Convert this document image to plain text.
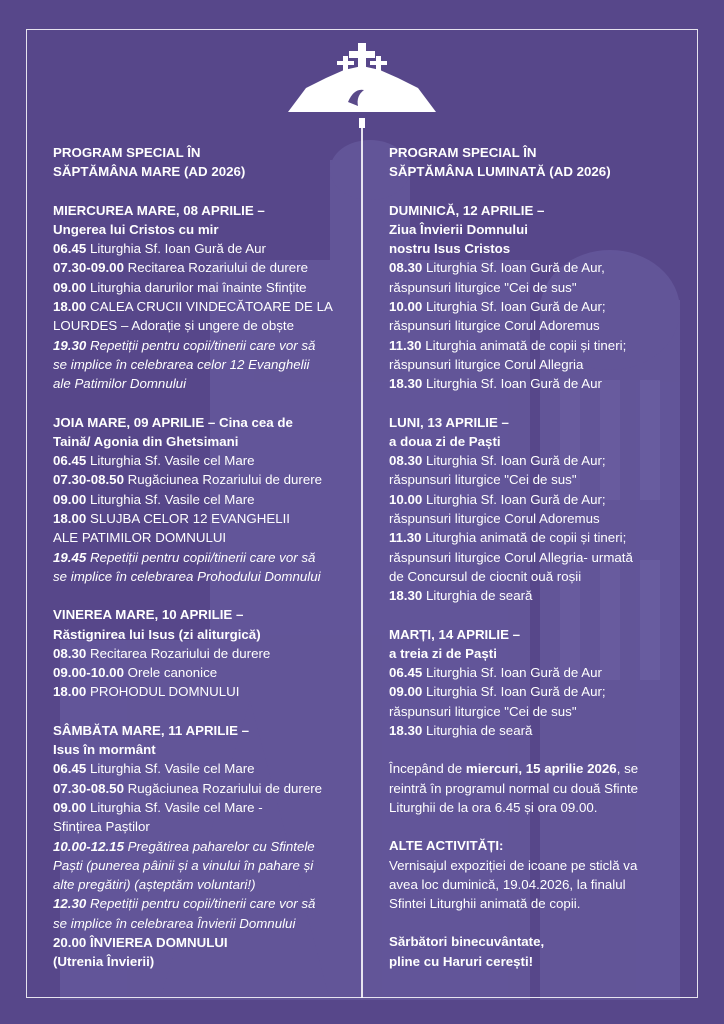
PROGRAM SPECIAL ÎN
SĂPTĂMÂNA MARE (AD 2026)
MIERCUREA MARE, 08 APRILIE –
Ungerea lui Cristos cu mir
06.45 Liturghia Sf. Ioan Gură de Aur
07.30-09.00 Recitarea Rozariului de durere
09.00 Liturghia darurilor mai înainte Sfințite
18.00 CALEA CRUCII VINDECĂTOARE DE LA
LOURDES – Adorație și ungere de obște
19.30 Repetiții pentru copii/tinerii care vor să
se implice în celebrarea celor 12 Evanghelii
ale Patimilor Domnului
JOIA MARE, 09 APRILIE – Cina cea de
Taină/ Agonia din Ghetsimani
06.45 Liturghia Sf. Vasile cel Mare
07.30-08.50 Rugăciunea Rozariului de durere
09.00 Liturghia Sf. Vasile cel Mare
18.00 SLUJBA CELOR 12 EVANGHELII
ALE PATIMILOR DOMNULUI
19.45 Repetiții pentru copii/tinerii care vor să
se implice în celebrarea Prohodului Domnului
VINEREA MARE, 10 APRILIE –
Răstignirea lui Isus (zi aliturgică)
08.30 Recitarea Rozariului de durere
09.00-10.00 Orele canonice
18.00 PROHODUL DOMNULUI
SÂMBĂTA MARE, 11 APRILIE –
Isus în mormânt
06.45 Liturghia Sf. Vasile cel Mare
07.30-08.50 Rugăciunea Rozariului de durere
09.00 Liturghia Sf. Vasile cel Mare -
Sfințirea Paștilor
10.00-12.15 Pregătirea paharelor cu Sfintele
Paști (punerea pâinii și a vinului în pahare și
alte pregătiri) (așteptăm voluntari!)
12.30 Repetiții pentru copii/tinerii care vor să
se implice în celebrarea Învierii Domnului
20.00 ÎNVIEREA DOMNULUI
(Utrenia Învierii)
PROGRAM SPECIAL ÎN
SĂPTĂMÂNA LUMINATĂ (AD 2026)
DUMINICĂ, 12 APRILIE –
Ziua Învierii Domnului
nostru Isus Cristos
08.30 Liturghia Sf. Ioan Gură de Aur,
răspunsuri liturgice "Cei de sus"
10.00 Liturghia Sf. Ioan Gură de Aur;
răspunsuri liturgice Corul Adoremus
11.30 Liturghia animată de copii și tineri;
răspunsuri liturgice Corul Allegria
18.30 Liturghia Sf. Ioan Gură de Aur
LUNI, 13 APRILIE –
a doua zi de Paști
08.30 Liturghia Sf. Ioan Gură de Aur;
răspunsuri liturgice "Cei de sus"
10.00 Liturghia Sf. Ioan Gură de Aur;
răspunsuri liturgice Corul Adoremus
11.30 Liturghia animată de copii și tineri;
răspunsuri liturgice Corul Allegria- urmată
de Concursul de ciocnit ouă roșii
18.30 Liturghia de seară
MARȚI, 14 APRILIE –
a treia zi de Paști
06.45 Liturghia Sf. Ioan Gură de Aur
09.00 Liturghia Sf. Ioan Gură de Aur;
răspunsuri liturgice "Cei de sus"
18.30 Liturghia de seară
Începând de miercuri, 15 aprilie 2026, se
reintră în programul normal cu două Sfinte
Liturghii de la ora 6.45 și ora 09.00.
ALTE ACTIVITĂȚI:
Vernisajul expoziției de icoane pe sticlă va
avea loc duminică, 19.04.2026, la finalul
Sfintei Liturghii animată de copii.
Sărbători binecuvântate,
pline cu Haruri cerești!
